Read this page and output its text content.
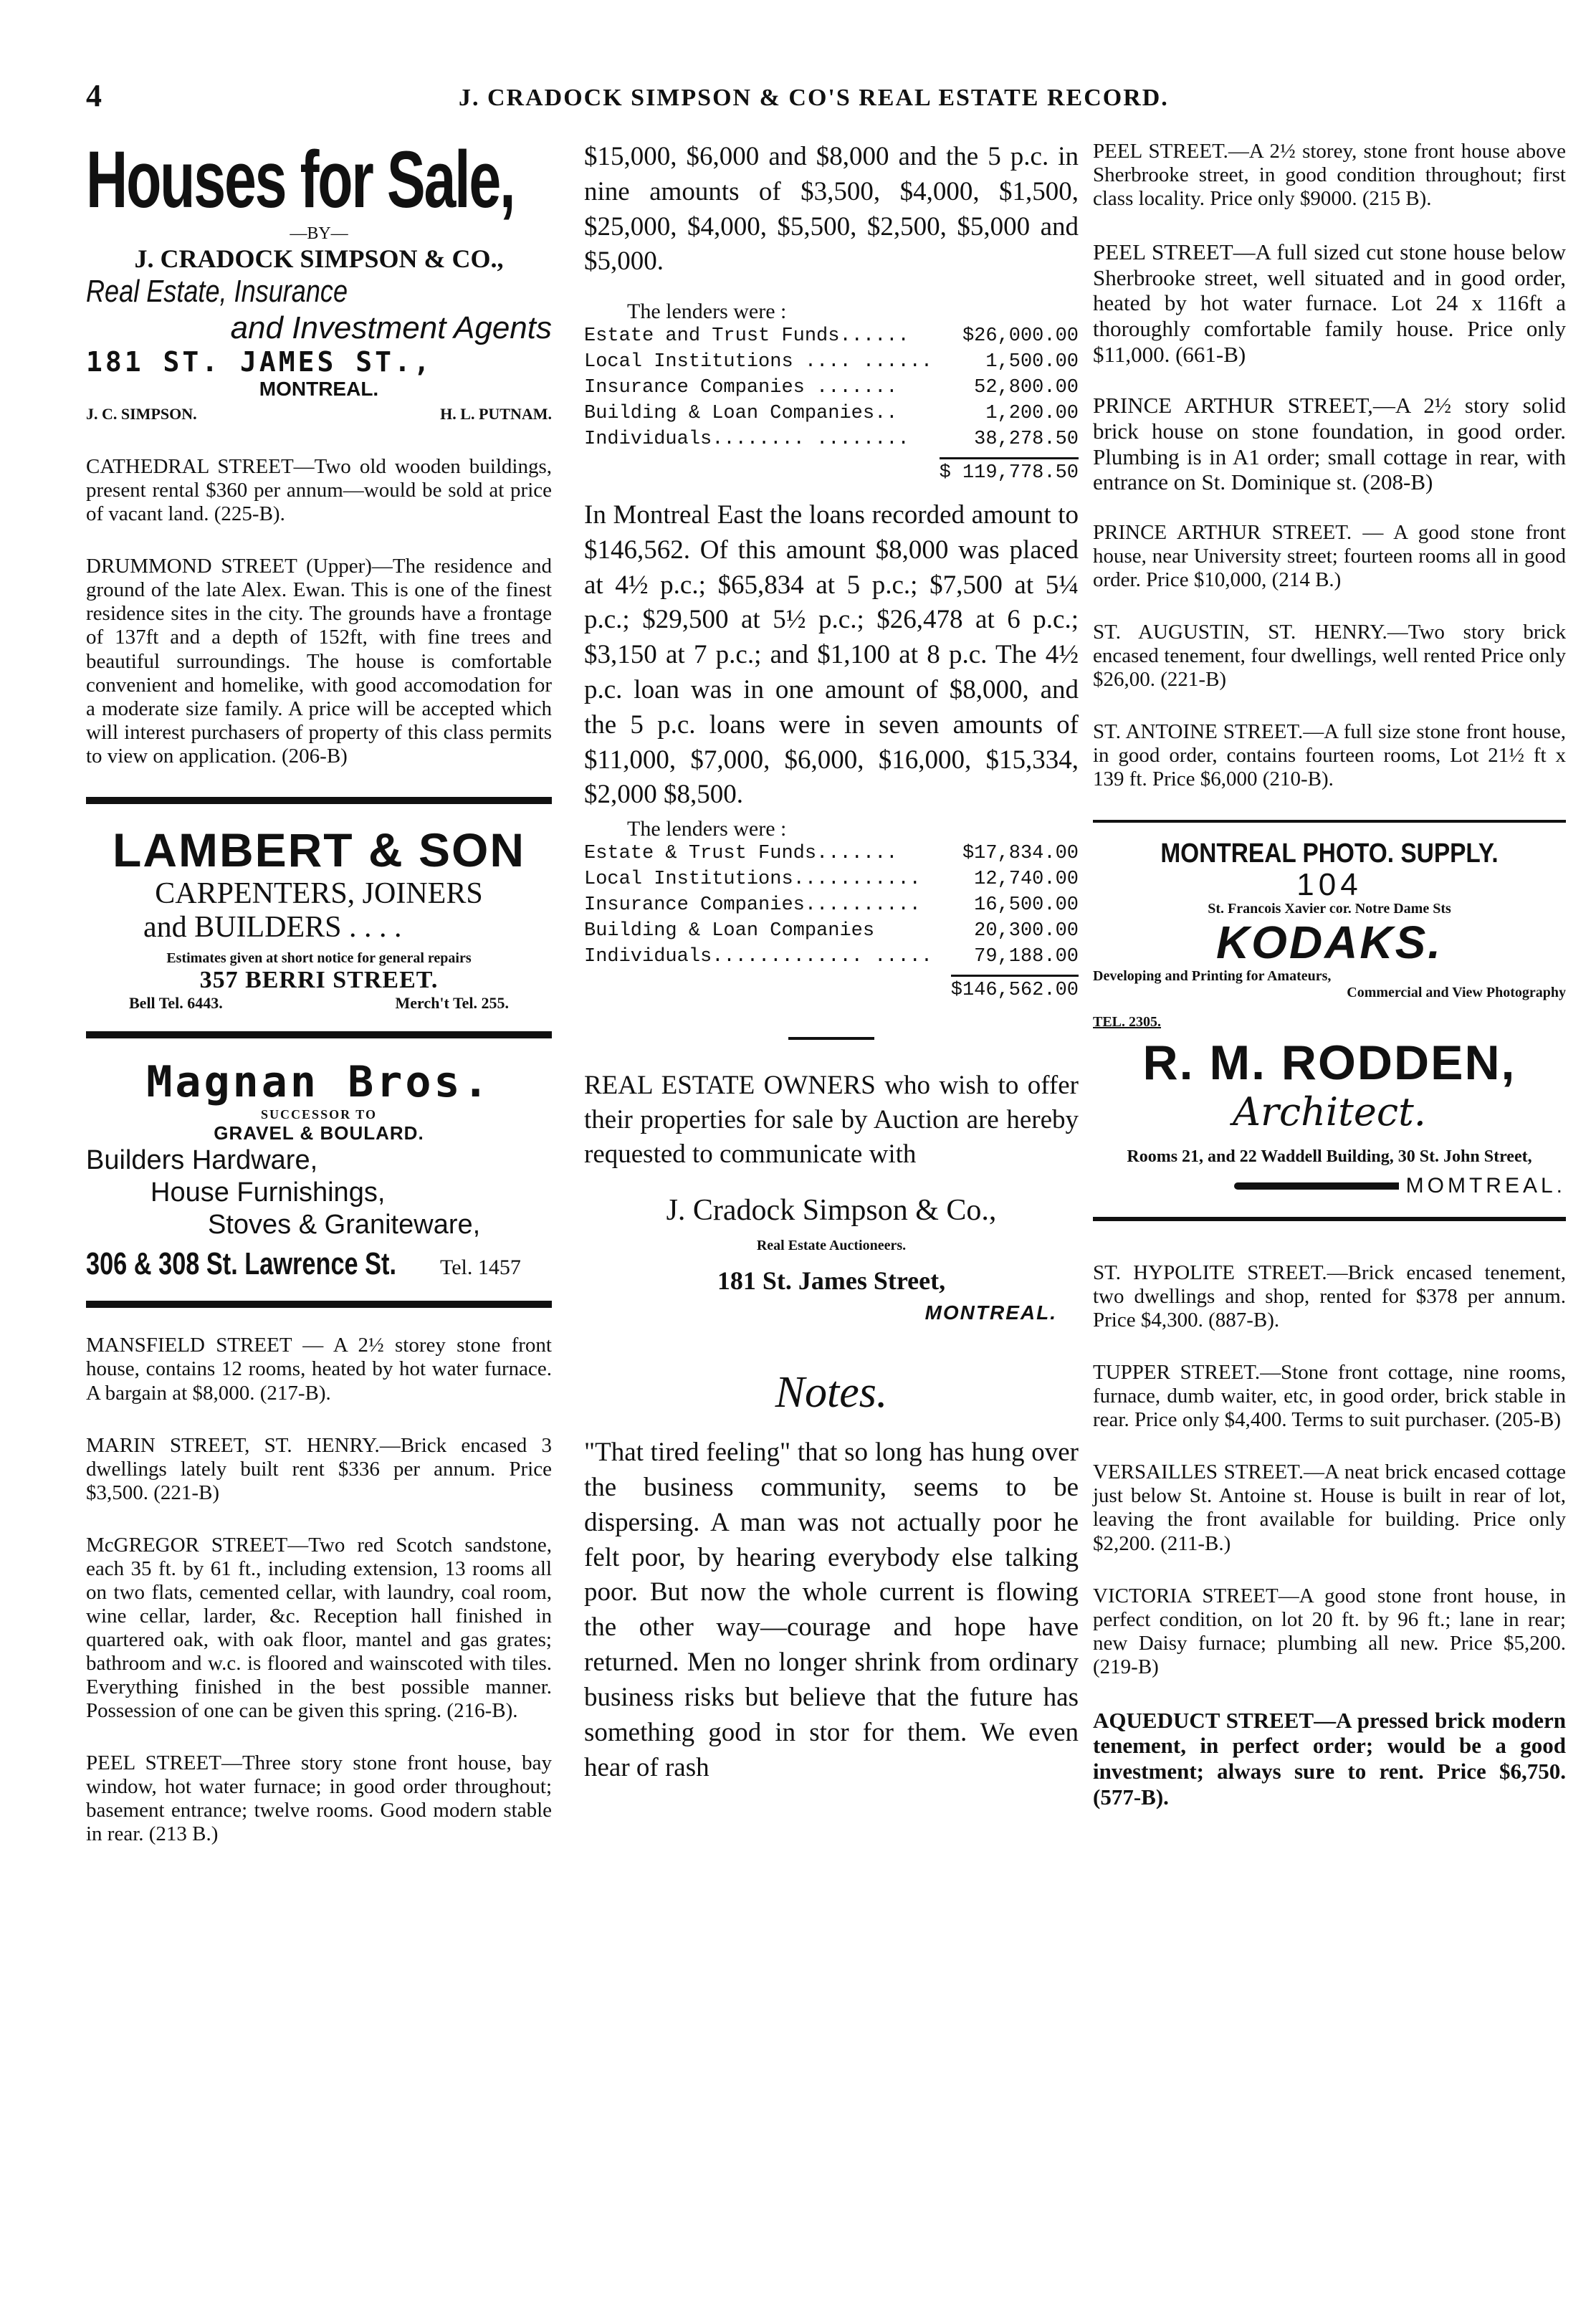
4	J. CRADOCK SIMPSON & CO'S REAL ESTATE RECORD.
Houses for Sale,
—BY—
J. CRADOCK SIMPSON & CO.,
Real Estate, Insurance
and Investment Agents
181 ST. JAMES ST.,
MONTREAL.
J. C. SIMPSON.	H. L. PUTNAM.

CATHEDRAL STREET—Two old wooden buildings, present rental $360 per annum—would be sold at price of vacant land. (225-B).

DRUMMOND STREET (Upper)—The residence and ground of the late Alex. Ewan. This is one of the finest residence sites in the city. The grounds have a frontage of 137ft and a depth of 152ft, with fine trees and beautiful surroundings. The house is comfortable convenient and homelike, with good accomodation for a moderate size family. A price will be accepted which will interest purchasers of property of this class permits to view on application. (206-B)

LAMBERT & SON
CARPENTERS, JOINERS
and BUILDERS . . . .
Estimates given at short notice for general repairs
357 BERRI STREET.
Bell Tel. 6443.	Merch't Tel. 255.
Magnan Bros.
SUCCESSOR TO
GRAVEL & BOULARD.
Builders Hardware,
House Furnishings,
Stoves & Graniteware,
306 & 308 St. Lawrence St. Tel. 1457

MANSFIELD STREET — A 2½ storey stone front house, contains 12 rooms, heated by hot water furnace. A bargain at $8,000. (217-B).

MARIN STREET, ST. HENRY.—Brick encased 3 dwellings lately built rent $336 per annum. Price $3,500. (221-B)

McGREGOR STREET—Two red Scotch sandstone, each 35 ft. by 61 ft., including extension, 13 rooms all on two flats, cemented cellar, with laundry, coal room, wine cellar, larder, &c. Reception hall finished in quartered oak, with oak floor, mantel and gas grates; bathroom and w.c. is floored and wainscoted with tiles. Everything finished in the best possible manner. Possession of one can be given this spring. (216-B).

PEEL STREET—Three story stone front house, bay window, hot water furnace; in good order throughout; basement entrance; twelve rooms. Good modern stable in rear. (213 B.)

$15,000, $6,000 and $8,000 and the 5 p.c. in nine amounts of $3,500, $4,000, $1,500, $25,000, $4,000, $5,500, $2,500, $5,000 and $5,000.

The lenders were :
Estate and Trust Funds......	$26,000.00
Local Institutions .... ......	1,500.00
Insurance Companies .......	52,800.00
Building & Loan Companies..	1,200.00
Individuals........ ........	38,278.50
$ 119,778.50

In Montreal East the loans recorded amount to $146,562. Of this amount $8,000 was placed at 4½ p.c.; $65,834 at 5 p.c.; $7,500 at 5¼ p.c.; $29,500 at 5½ p.c.; $26,478 at 6 p.c.; $3,150 at 7 p.c.; and $1,100 at 8 p.c. The 4½ p.c. loan was in one amount of $8,000, and the 5 p.c. loans were in seven amounts of $11,000, $7,000, $6,000, $16,000, $15,334, $2,000 $8,500.

The lenders were :
Estate & Trust Funds.......	$17,834.00
Local Institutions...........	12,740.00
Insurance Companies..........	16,500.00
Building & Loan Companies	20,300.00
Individuals............. .....	79,188.00
$146,562.00

REAL ESTATE OWNERS who wish to offer their properties for sale by Auction are hereby requested to communicate with

J. Cradock Simpson & Co.,
Real Estate Auctioneers.
181 St. James Street,
MONTREAL.
Notes.

"That tired feeling" that so long has hung over the business community, seems to be dispersing. A man was not actually poor he felt poor, by hearing everybody else talking poor. But now the whole current is flowing the other way—courage and hope have returned. Men no longer shrink from ordinary business risks but believe that the future has something good in stor for them. We even hear of rash

PEEL STREET.—A 2½ storey, stone front house above Sherbrooke street, in good condition throughout; first class locality. Price only $9000. (215 B).

PEEL STREET—A full sized cut stone house below Sherbrooke street, well situated and in good order, heated by hot water furnace. Lot 24 x 116ft a thoroughly comfortable family house. Price only $11,000. (661-B)

PRINCE ARTHUR STREET,—A 2½ story solid brick house on stone foundation, in good order. Plumbing is in A1 order; small cottage in rear, with entrance on St. Dominique st. (208-B)

PRINCE ARTHUR STREET. — A good stone front house, near University street; fourteen rooms all in good order. Price $10,000, (214 B.)

ST. AUGUSTIN, ST. HENRY.—Two story brick encased tenement, four dwellings, well rented Price only $26,00. (221-B)

ST. ANTOINE STREET.—A full size stone front house, in good order, contains fourteen rooms, Lot 21½ ft x 139 ft. Price $6,000 (210-B).

MONTREAL PHOTO. SUPPLY.
104
St. Francois Xavier cor. Notre Dame Sts
KODAKS.
Developing and Printing for Amateurs,
Commercial and View Photography
TEL. 2305.
R. M. RODDEN,
Architect.
Rooms 21, and 22 Waddell Building, 30 St. John Street,
MOMTREAL.

ST. HYPOLITE STREET.—Brick encased tenement, two dwellings and shop, rented for $378 per annum. Price $4,300. (887-B).

TUPPER STREET.—Stone front cottage, nine rooms, furnace, dumb waiter, etc, in good order, brick stable in rear. Price only $4,400. Terms to suit purchaser. (205-B)

VERSAILLES STREET.—A neat brick encased cottage just below St. Antoine st. House is built in rear of lot, leaving the front available for building. Price only $2,200. (211-B.)

VICTORIA STREET—A good stone front house, in perfect condition, on lot 20 ft. by 96 ft.; lane in rear; new Daisy furnace; plumbing all new. Price $5,200. (219-B)

AQUEDUCT STREET—A pressed brick modern tenement, in perfect order; would be a good investment; always sure to rent. Price $6,750. (577-B).
